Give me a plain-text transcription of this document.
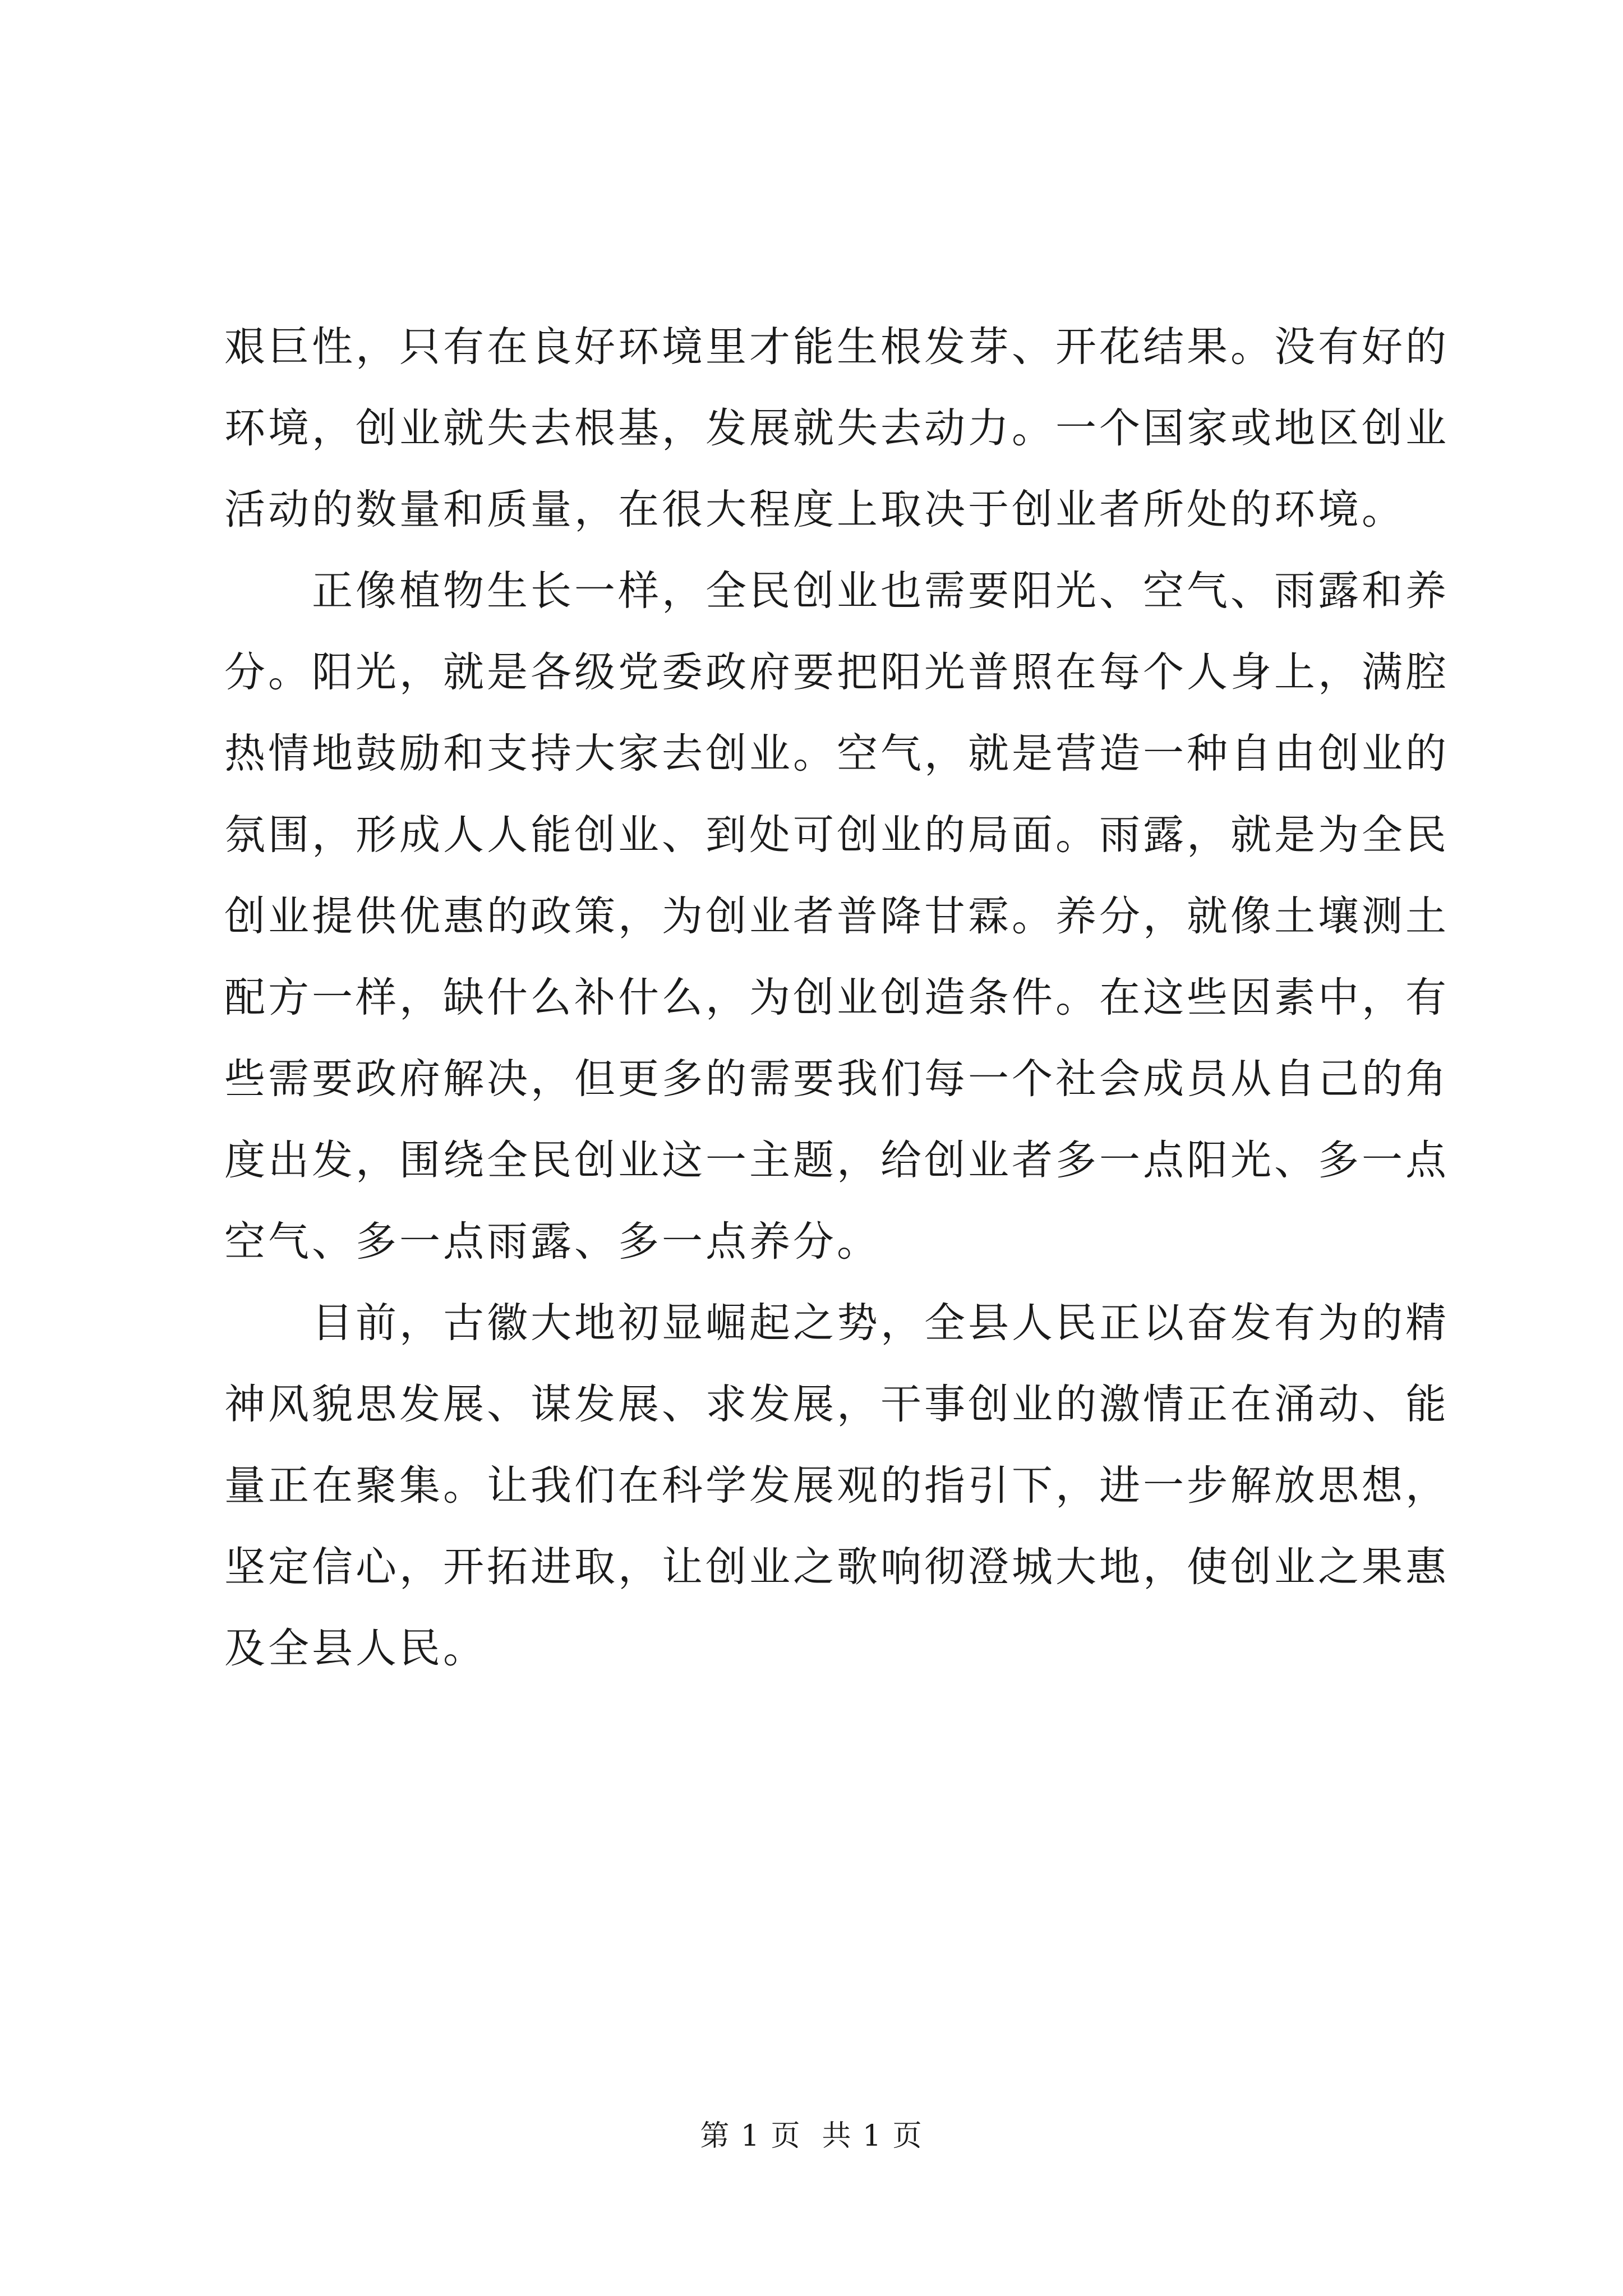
艰巨性，只有在良好环境里才能生根发芽、开花结果。没有好的
环境，创业就失去根基，发展就失去动力。一个国家或地区创业
活动的数量和质量，在很大程度上取决于创业者所处的环境。
正像植物生长一样，全民创业也需要阳光、空气、雨露和养
分。阳光，就是各级党委政府要把阳光普照在每个人身上，满腔
热情地鼓励和支持大家去创业。空气，就是营造一种自由创业的
氛围，形成人人能创业、到处可创业的局面。雨露，就是为全民
创业提供优惠的政策，为创业者普降甘霖。养分，就像土壤测土
配方一样，缺什么补什么，为创业创造条件。在这些因素中，有
些需要政府解决，但更多的需要我们每一个社会成员从自己的角
度出发，围绕全民创业这一主题，给创业者多一点阳光、多一点
空气、多一点雨露、多一点养分。
目前，古徽大地初显崛起之势，全县人民正以奋发有为的精
神风貌思发展、谋发展、求发展，干事创业的激情正在涌动、能
量正在聚集。让我们在科学发展观的指引下，进一步解放思想，
坚定信心，开拓进取，让创业之歌响彻澄城大地，使创业之果惠
及全县人民。
第 1 页  共 1 页
